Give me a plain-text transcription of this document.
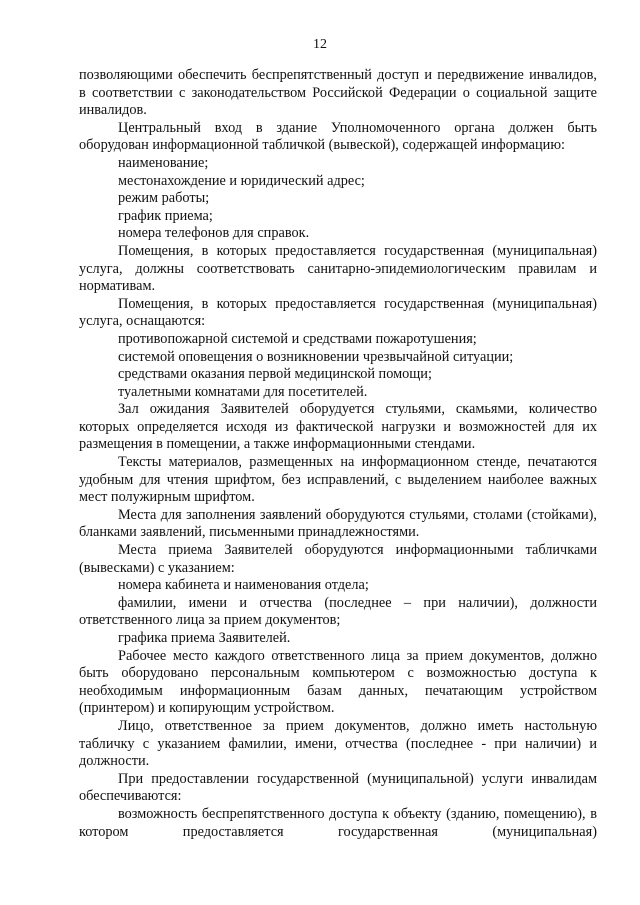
12
позволяющими обеспечить беспрепятственный доступ и передвижение инвалидов, в соответствии с законодательством Российской Федерации о социальной защите инвалидов.
Центральный вход в здание Уполномоченного органа должен быть оборудован информационной табличкой (вывеской), содержащей информацию:
наименование;
местонахождение и юридический адрес;
режим работы;
график приема;
номера телефонов для справок.
Помещения, в которых предоставляется государственная (муниципальная) услуга, должны соответствовать санитарно-эпидемиологическим правилам и нормативам.
Помещения, в которых предоставляется государственная (муниципальная) услуга, оснащаются:
противопожарной системой и средствами пожаротушения;
системой оповещения о возникновении чрезвычайной ситуации;
средствами оказания первой медицинской помощи;
туалетными комнатами для посетителей.
Зал ожидания Заявителей оборудуется стульями, скамьями, количество которых определяется исходя из фактической нагрузки и возможностей для их размещения в помещении, а также информационными стендами.
Тексты материалов, размещенных на информационном стенде, печатаются удобным для чтения шрифтом, без исправлений, с выделением наиболее важных мест полужирным шрифтом.
Места для заполнения заявлений оборудуются стульями, столами (стойками), бланками заявлений, письменными принадлежностями.
Места приема Заявителей оборудуются информационными табличками (вывесками) с указанием:
номера кабинета и наименования отдела;
фамилии, имени и отчества (последнее – при наличии), должности ответственного лица за прием документов;
графика приема Заявителей.
Рабочее место каждого ответственного лица за прием документов, должно быть оборудовано персональным компьютером с возможностью доступа к необходимым информационным базам данных, печатающим устройством (принтером) и копирующим устройством.
Лицо, ответственное за прием документов, должно иметь настольную табличку с указанием фамилии, имени, отчества (последнее - при наличии) и должности.
При предоставлении государственной (муниципальной) услуги инвалидам обеспечиваются:
возможность беспрепятственного доступа к объекту (зданию, помещению), в котором предоставляется государственная (муниципальная)
